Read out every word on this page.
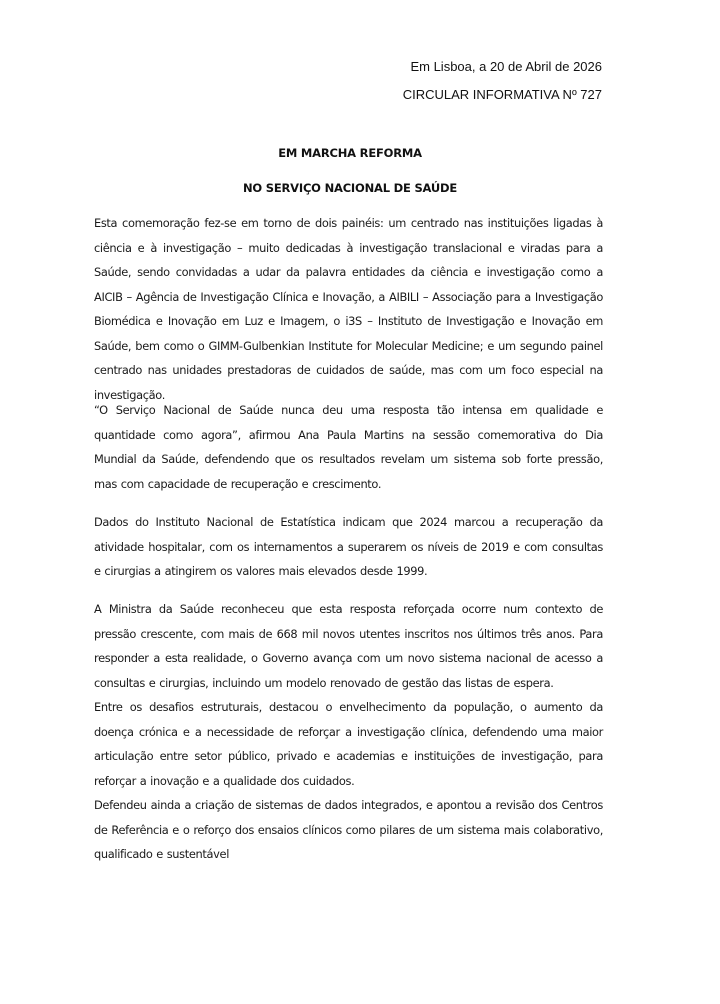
Em Lisboa, a 20 de Abril de 2026
CIRCULAR INFORMATIVA Nº 727
EM MARCHA REFORMA
NO SERVIÇO NACIONAL DE SAÚDE

Esta comemoração fez-se em torno de dois painéis: um centrado nas instituições ligadas à ciência e à investigação – muito dedicadas à investigação translacional e viradas para a Saúde, sendo convidadas a udar da palavra entidades da ciência e investigação como a AICIB – Agência de Investigação Clínica e Inovação, a AIBILI – Associação para a Investigação Biomédica e Inovação em Luz e Imagem, o i3S – Instituto de Investigação e Inovação em Saúde, bem como o GIMM-Gulbenkian Institute for Molecular Medicine; e um segundo painel centrado nas unidades prestadoras de cuidados de saúde, mas com um foco especial na investigação.

“O Serviço Nacional de Saúde nunca deu uma resposta tão intensa em qualidade e quantidade como agora”, afirmou Ana Paula Martins na sessão comemorativa do Dia Mundial da Saúde, defendendo que os resultados revelam um sistema sob forte pressão, mas com capacidade de recuperação e crescimento.

Dados do Instituto Nacional de Estatística indicam que 2024 marcou a recuperação da atividade hospitalar, com os internamentos a superarem os níveis de 2019 e com consultas e cirurgias a atingirem os valores mais elevados desde 1999.

A Ministra da Saúde reconheceu que esta resposta reforçada ocorre num contexto de pressão crescente, com mais de 668 mil novos utentes inscritos nos últimos três anos. Para responder a esta realidade, o Governo avança com um novo sistema nacional de acesso a consultas e cirurgias, incluindo um modelo renovado de gestão das listas de espera.

Entre os desafios estruturais, destacou o envelhecimento da população, o aumento da doença crónica e a necessidade de reforçar a investigação clínica, defendendo uma maior articulação entre setor público, privado e academias e instituições de investigação, para reforçar a inovação e a qualidade dos cuidados.

Defendeu ainda a criação de sistemas de dados integrados, e apontou a revisão dos Centros de Referência e o reforço dos ensaios clínicos como pilares de um sistema mais colaborativo, qualificado e sustentável
